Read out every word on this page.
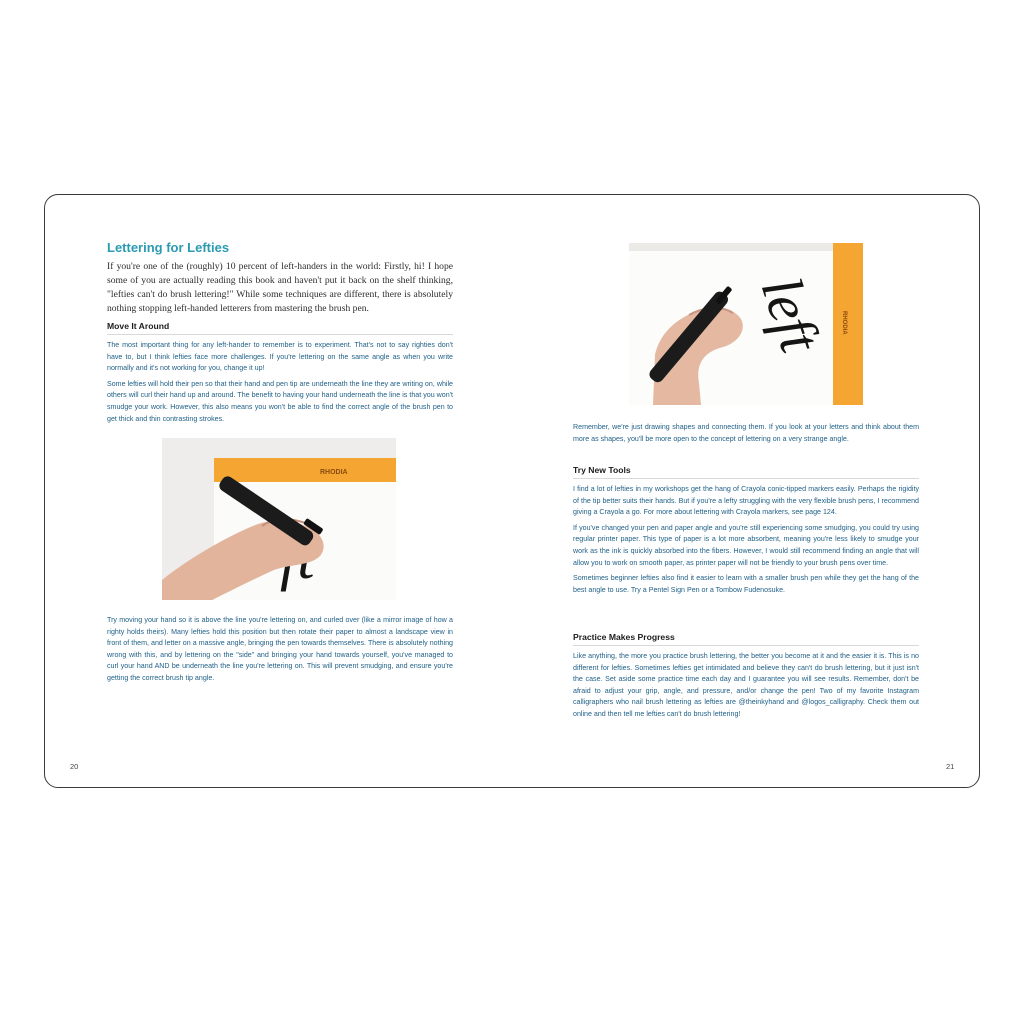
Lettering for Lefties

If you're one of the (roughly) 10 percent of left-handers in the world: Firstly, hi! I hope some of you are actually reading this book and haven't put it back on the shelf thinking, "lefties can't do brush lettering!" While some techniques are different, there is absolutely nothing stopping left-handed letterers from mastering the brush pen.

Move It Around

The most important thing for any left-hander to remember is to experiment. That's not to say righties don't have to, but I think lefties face more challenges. If you're lettering on the same angle as when you write normally and it's not working for you, change it up!

Some lefties will hold their pen so that their hand and pen tip are underneath the line they are writing on, while others will curl their hand up and around. The benefit to having your hand underneath the line is that you won't smudge your work. However, this also means you won't be able to find the correct angle of the brush pen to get thick and thin contrasting strokes.

RHODIA

Try moving your hand so it is above the line you're lettering on, and curled over (like a mirror image of how a righty holds theirs). Many lefties hold this position but then rotate their paper to almost a landscape view in front of them, and letter on a massive angle, bringing the pen towards themselves. There is absolutely nothing wrong with this, and by lettering on the "side" and bringing your hand towards yourself, you've managed to curl your hand AND be underneath the line you're lettering on. This will prevent smudging, and ensure you're getting the correct brush tip angle.

20
RHODIA
left

Remember, we're just drawing shapes and connecting them. If you look at your letters and think about them more as shapes, you'll be more open to the concept of lettering on a very strange angle.

Try New Tools

I find a lot of lefties in my workshops get the hang of Crayola conic-tipped markers easily. Perhaps the rigidity of the tip better suits their hands. But if you're a lefty struggling with the very flexible brush pens, I recommend giving a Crayola a go. For more about lettering with Crayola markers, see page 124.

If you've changed your pen and paper angle and you're still experiencing some smudging, you could try using regular printer paper. This type of paper is a lot more absorbent, meaning you're less likely to smudge your work as the ink is quickly absorbed into the fibers. However, I would still recommend finding an angle that will allow you to work on smooth paper, as printer paper will not be friendly to your brush pens over time.

Sometimes beginner lefties also find it easier to learn with a smaller brush pen while they get the hang of the best angle to use. Try a Pentel Sign Pen or a Tombow Fudenosuke.

Practice Makes Progress

Like anything, the more you practice brush lettering, the better you become at it and the easier it is. This is no different for lefties. Sometimes lefties get intimidated and believe they can't do brush lettering, but it just isn't the case. Set aside some practice time each day and I guarantee you will see results. Remember, don't be afraid to adjust your grip, angle, and pressure, and/or change the pen! Two of my favorite Instagram calligraphers who nail brush lettering as lefties are @theinkyhand and @logos_calligraphy. Check them out online and then tell me lefties can't do brush lettering!

21
